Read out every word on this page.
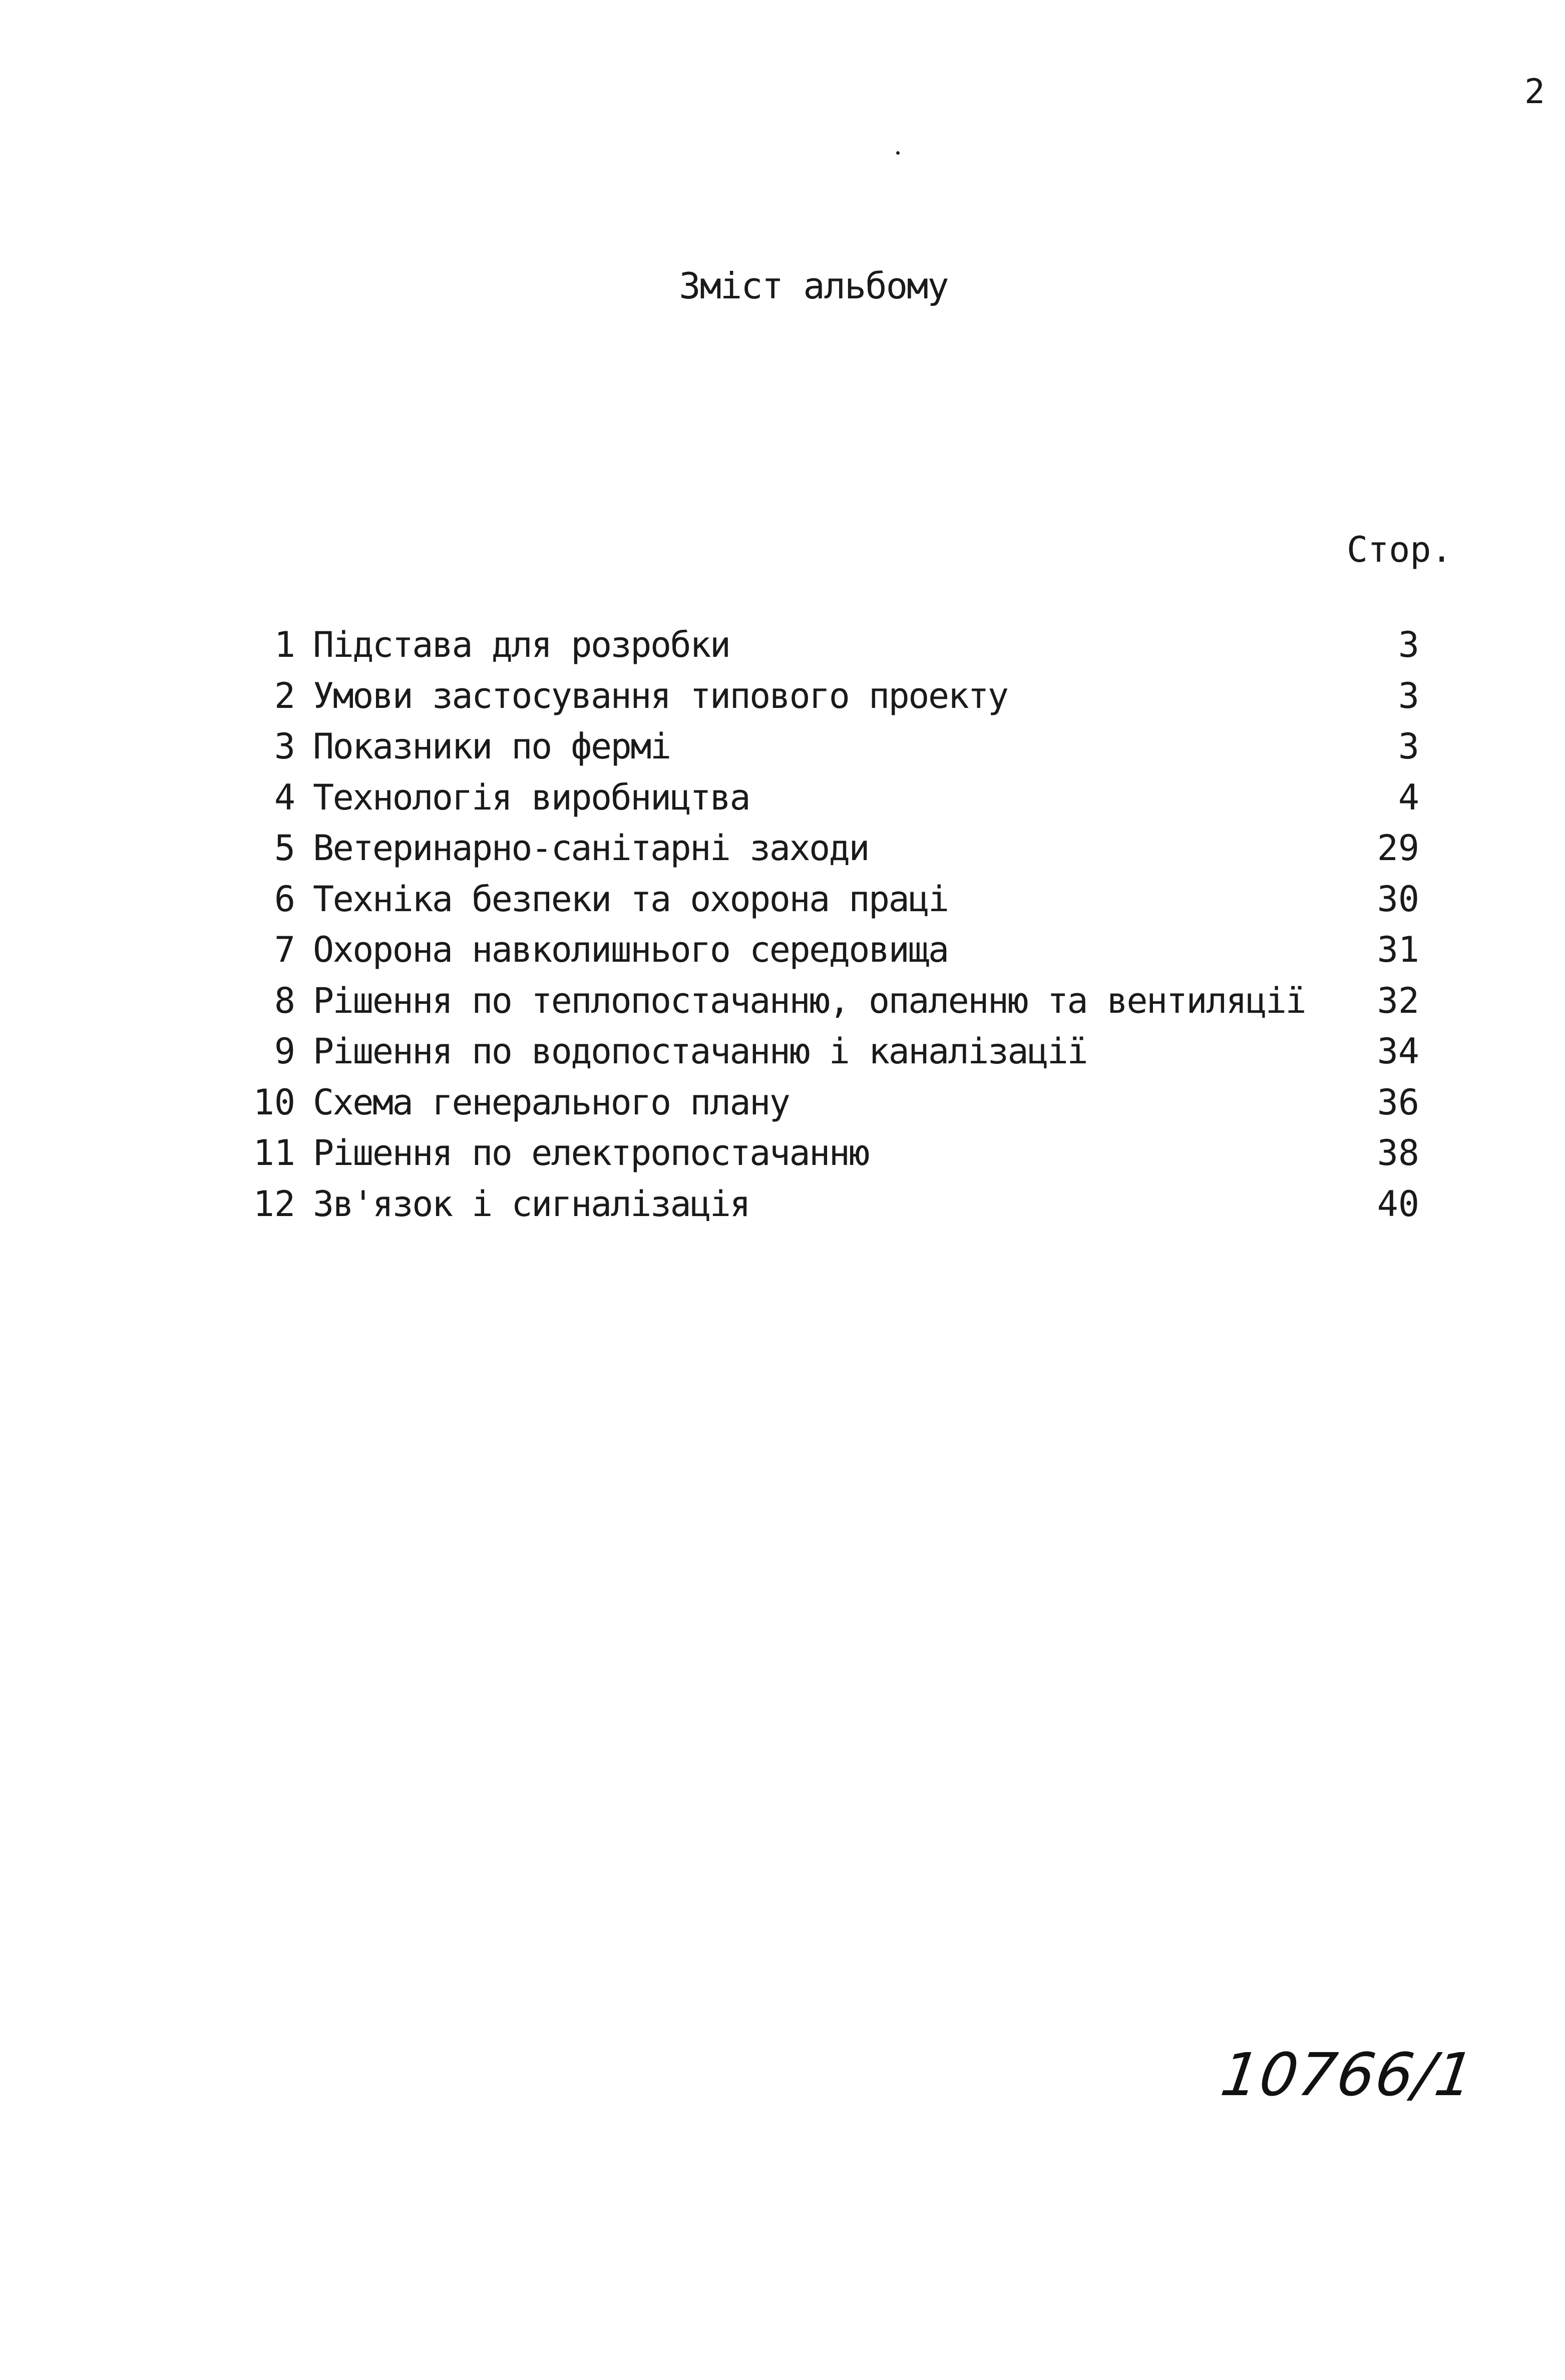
2
Зміст альбому
Стор.
1 Підстава для розробки	3
2 Умови застосування типового проекту	3
3 Показники по фермі	3
4 Технологія виробництва	4
5 Ветеринарно-санітарні заходи	29
6 Техніка безпеки та охорона праці	30
7 Охорона навколишнього середовища	31
8 Рішення по теплопостачанню, опаленню та вентиляції 32
9 Рішення по водопостачанню і каналізації	34
10 Схема генерального плану	36
11 Рішення по електропостачанню	38
12 Зв'язок і сигналізація	40
10766/1
